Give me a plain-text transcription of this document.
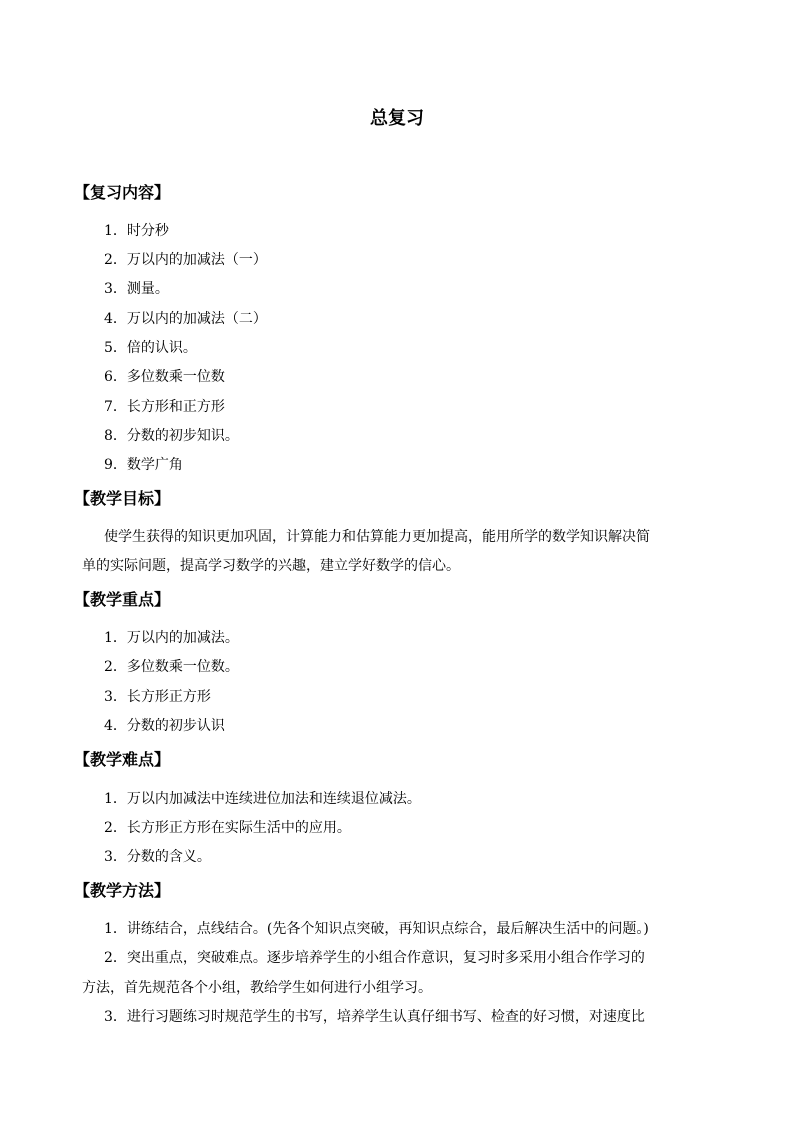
总复习
【复习内容】
1．时分秒
2．万以内的加减法（一）
3．测量。
4．万以内的加减法（二）
5．倍的认识。
6．多位数乘一位数
7．长方形和正方形
8．分数的初步知识。
9．数学广角
【教学目标】
使学生获得的知识更加巩固，计算能力和估算能力更加提高，能用所学的数学知识解决简
单的实际问题，提高学习数学的兴趣，建立学好数学的信心。
【教学重点】
1．万以内的加减法。
2．多位数乘一位数。
3．长方形正方形
4．分数的初步认识
【教学难点】
1．万以内加减法中连续进位加法和连续退位减法。
2．长方形正方形在实际生活中的应用。
3．分数的含义。
【教学方法】
1．讲练结合，点线结合。(先各个知识点突破，再知识点综合，最后解决生活中的问题。)
2．突出重点，突破难点。逐步培养学生的小组合作意识，复习时多采用小组合作学习的
方法，首先规范各个小组，教给学生如何进行小组学习。
3．进行习题练习时规范学生的书写，培养学生认真仔细书写、检查的好习惯，对速度比
